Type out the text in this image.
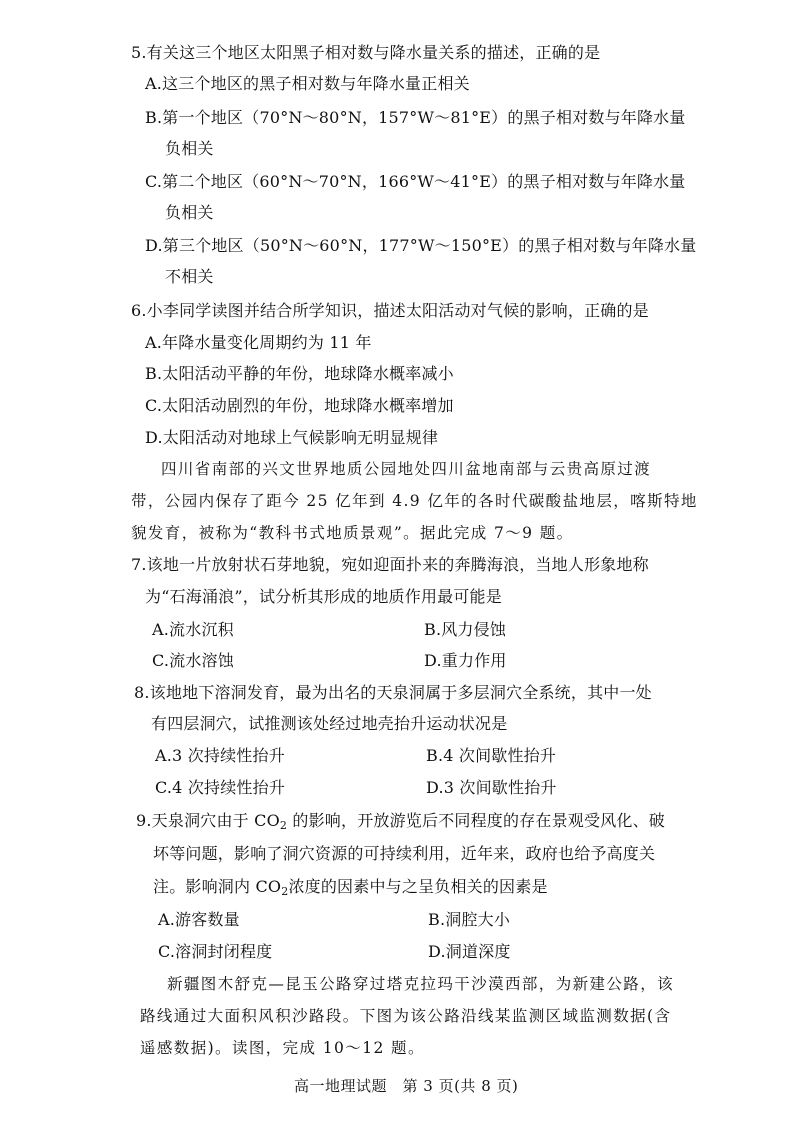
5.有关这三个地区太阳黑子相对数与降水量关系的描述，正确的是
A.这三个地区的黑子相对数与年降水量正相关
B.第一个地区（70°N～80°N，157°W～81°E）的黑子相对数与年降水量
负相关
C.第二个地区（60°N～70°N，166°W～41°E）的黑子相对数与年降水量
负相关
D.第三个地区（50°N～60°N，177°W～150°E）的黑子相对数与年降水量
不相关
6.小李同学读图并结合所学知识，描述太阳活动对气候的影响，正确的是
A.年降水量变化周期约为 11 年
B.太阳活动平静的年份，地球降水概率减小
C.太阳活动剧烈的年份，地球降水概率增加
D.太阳活动对地球上气候影响无明显规律
四川省南部的兴文世界地质公园地处四川盆地南部与云贵高原过渡
带，公园内保存了距今 25 亿年到 4.9 亿年的各时代碳酸盐地层，喀斯特地
貌发育，被称为“教科书式地质景观”。据此完成 7～9 题。
7.该地一片放射状石芽地貌，宛如迎面扑来的奔腾海浪，当地人形象地称
为“石海涌浪”，试分析其形成的地质作用最可能是
A.流水沉积	B.风力侵蚀
C.流水溶蚀	D.重力作用
8.该地地下溶洞发育，最为出名的天泉洞属于多层洞穴全系统，其中一处
有四层洞穴，试推测该处经过地壳抬升运动状况是
A.3 次持续性抬升	B.4 次间歇性抬升
C.4 次持续性抬升	D.3 次间歇性抬升
9.天泉洞穴由于 $CO_2$ 的影响，开放游览后不同程度的存在景观受风化、破
坏等问题，影响了洞穴资源的可持续利用，近年来，政府也给予高度关
注。影响洞内 $CO_2$浓度的因素中与之呈负相关的因素是
A.游客数量	B.洞腔大小
C.溶洞封闭程度	D.洞道深度
新疆图木舒克—昆玉公路穿过塔克拉玛干沙漠西部，为新建公路，该
路线通过大面积风积沙路段。下图为该公路沿线某监测区域监测数据(含
遥感数据)。读图，完成 10～12 题。
高一地理试题　第 3 页(共 8 页)
